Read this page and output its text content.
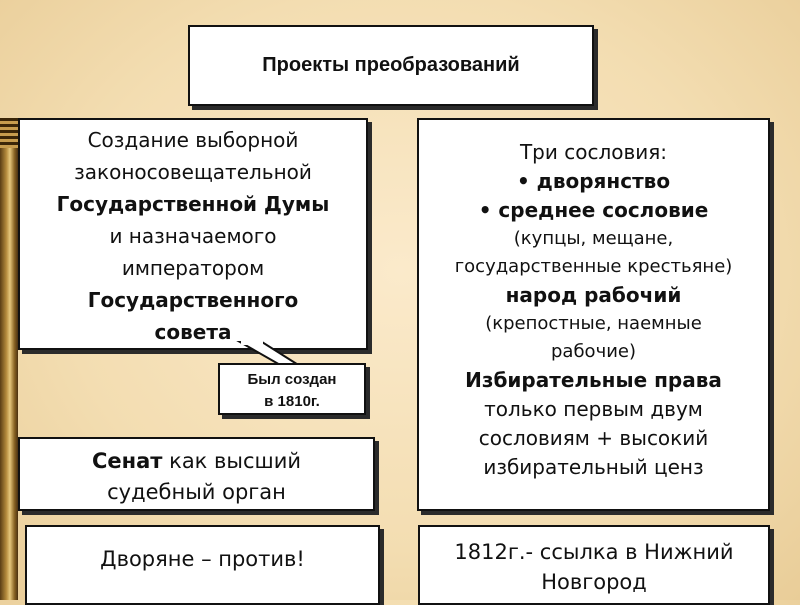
Проекты преобразований
Создание выборной
законосовещательной
Государственной Думы
и назначаемого
императором
Государственного
совета
Был создан
в 1810г.
Три сословия:
• дворянство
• среднее сословие
(купцы, мещане,
государственные крестьяне)
народ рабочий
(крепостные, наемные
рабочие)
Избирательные права
только первым двум
сословиям + высокий
избирательный ценз
Сенат как высший
судебный орган
Дворяне – против!	1812г.- ссылка в Нижний
Новгород
